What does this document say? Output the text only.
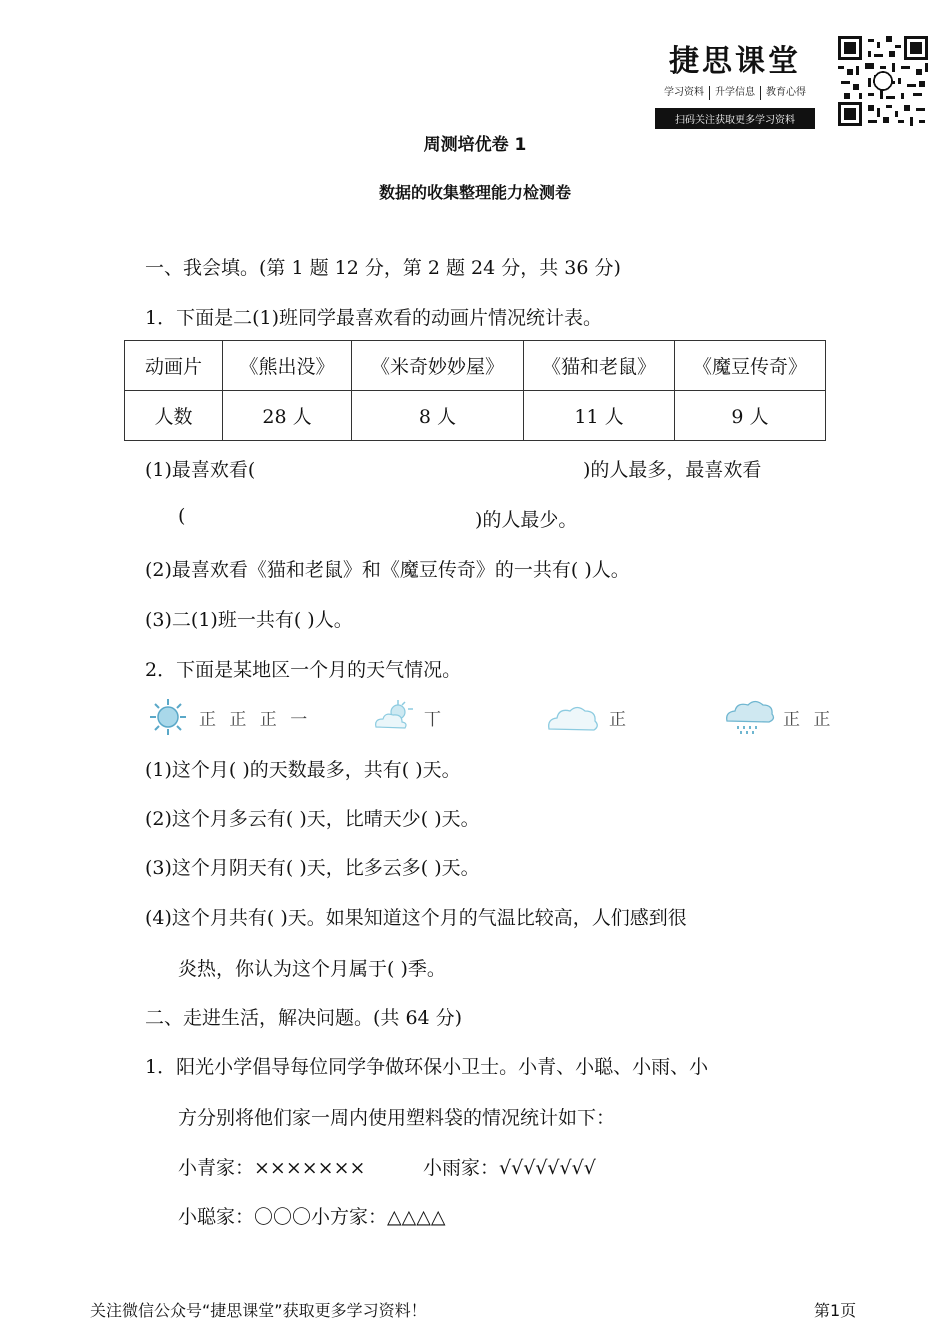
捷思课堂
学习资料	升学信息	教育心得
扫码关注获取更多学习资料
周测培优卷 1
数据的收集整理能力检测卷
一、我会填。(第 1 题 12 分，第 2 题 24 分，共 36 分)
1．下面是二(1)班同学最喜欢看的动画片情况统计表。
动画片	《熊出没》	《米奇妙妙屋》	《猫和老鼠》	《魔豆传奇》
人数	28 人	8 人	11 人	9 人
(1)最喜欢看(	)的人最多，最喜欢看
(	)的人最少。
(2)最喜欢看《猫和老鼠》和《魔豆传奇》的一共有( )人。
(3)二(1)班一共有( )人。
2．下面是某地区一个月的天气情况。
正 正 正 一	丅	正	正 正
(1)这个月( )的天数最多，共有( )天。
(2)这个月多云有( )天，比晴天少( )天。
(3)这个月阴天有( )天，比多云多( )天。
(4)这个月共有( )天。如果知道这个月的气温比较高，人们感到很
炎热，你认为这个月属于( )季。
二、走进生活，解决问题。(共 64 分)
1．阳光小学倡导每位同学争做环保小卫士。小青、小聪、小雨、小
方分别将他们家一周内使用塑料袋的情况统计如下：
小青家：×××××××	小雨家：√√√√√√√√
小聪家：〇〇〇小方家：△△△△
关注微信公众号“捷思课堂”获取更多学习资料！	第1页
